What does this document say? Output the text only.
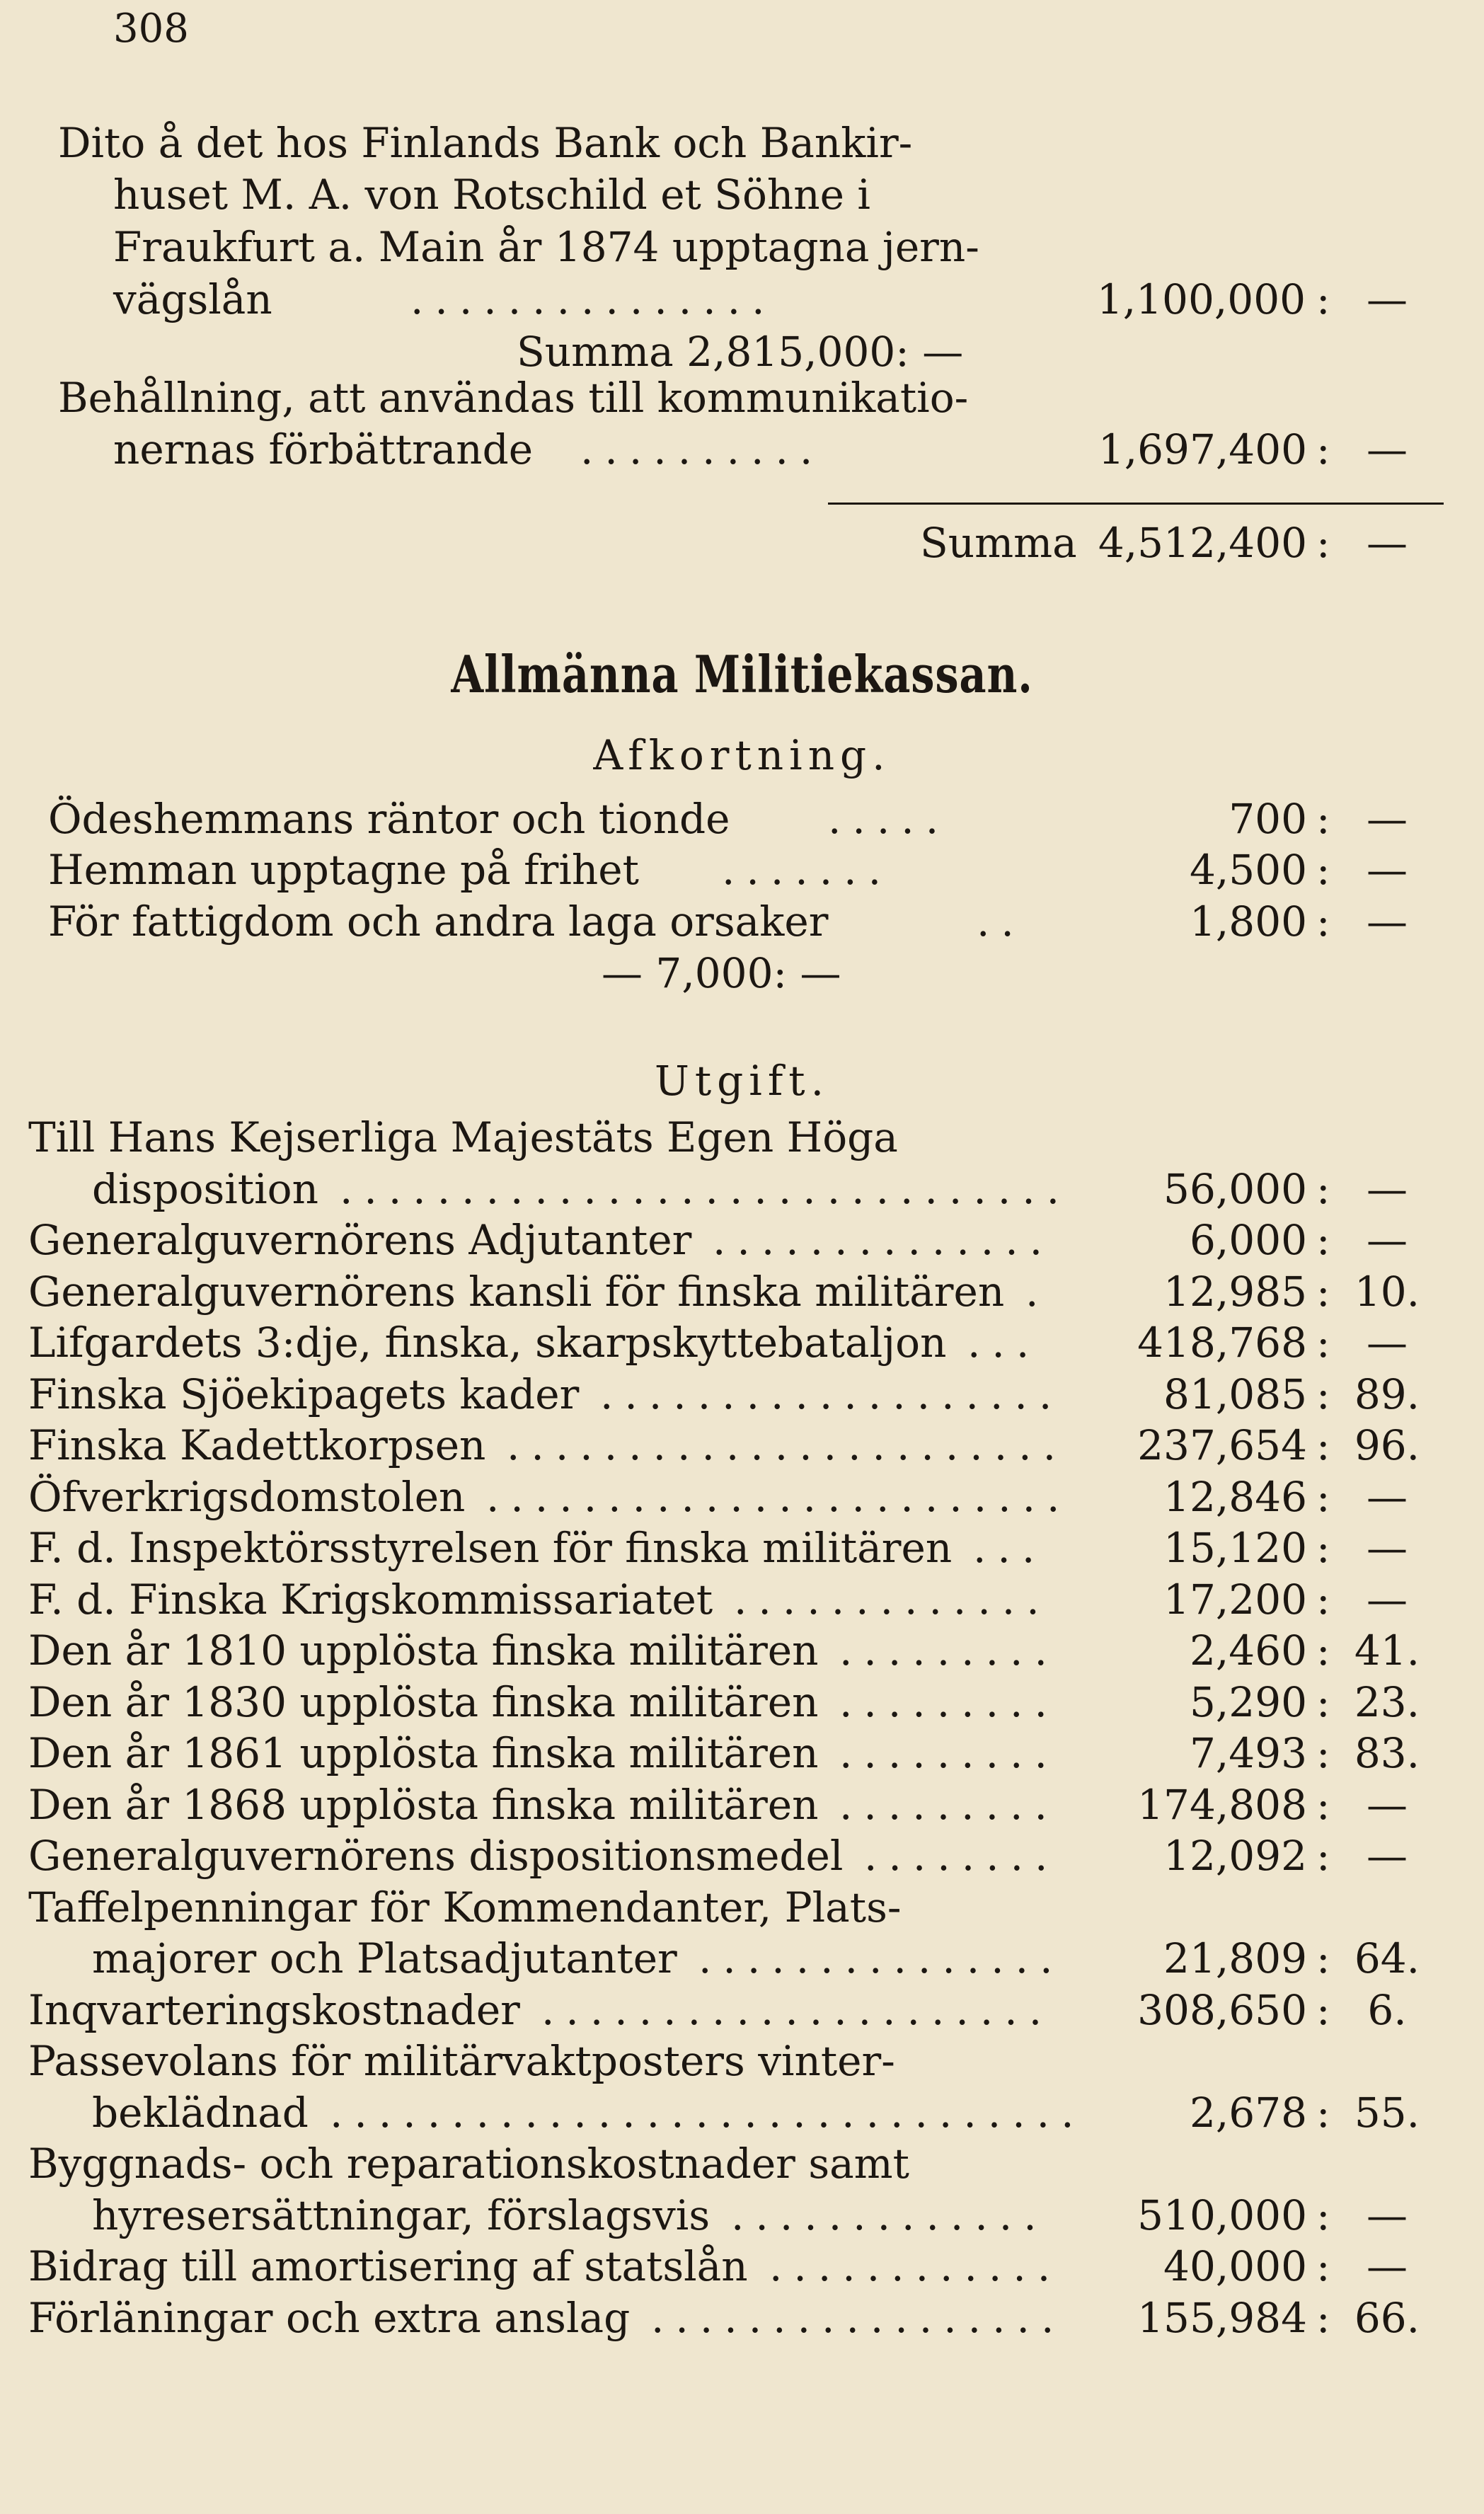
308
Dito å det hos Finlands Bank och Bankir-
huset M. A. von Rotschild et Söhne i
Fraukfurt a. Main år 1874 upptagna jern-
vägslån	...............	1,100,000 : —
Summa 2,815,000: —
Behållning, att användas till kommunikatio-
nernas förbättrande ..........	1,697,400 : —
Summa 4,512,400 : —
Allmänna Militiekassan.
Afkortning.
Ödeshemmans räntor och tionde .....	700 : —
Hemman upptagne på frihet .......	4,500 : —
För fattigdom och andra laga orsaker	..	1,800 : —
— 7,000: —
Utgift.
Till Hans Kejserliga Majestäts Egen Höga
disposition .............................. 56,000 : —
Generalguvernörens Adjutanter ..............	6,000 : —
Generalguvernörens kansli för finska militären .	12,985 : 10.
Lifgardets 3:dje, finska, skarpskyttebataljon ... 418,768 : —
Finska Sjöekipagets kader ................... 81,085 : 89.
Finska Kadettkorpsen ....................... 237,654 : 96.
Öfverkrigsdomstolen ........................ 12,846 : —
F. d. Inspektörsstyrelsen för finska militären ...	15,120 : —
F. d. Finska Krigskommissariatet .............	17,200 : —
Den år 1810 upplösta finska militären .........	2,460 : 41.
Den år 1830 upplösta finska militären .........	5,290 : 23.
Den år 1861 upplösta finska militären .........	7,493 : 83.
Den år 1868 upplösta finska militären ......... 174,808 : —
Generalguvernörens dispositionsmedel ........	12,092 : —
Taffelpenningar för Kommendanter, Plats-
majorer och Platsadjutanter ............... 21,809 : 64.
Inqvarteringskostnader ..................... 308,650 : 6.
Passevolans för militärvaktposters vinter-
beklädnad ...............................	2,678 : 55.
Byggnads- och reparationskostnader samt
hyresersättningar, förslagsvis ............. 510,000 : —
Bidrag till amortisering af statslån ............ 40,000 : —
Förläningar och extra anslag ................. 155,984 : 66.
